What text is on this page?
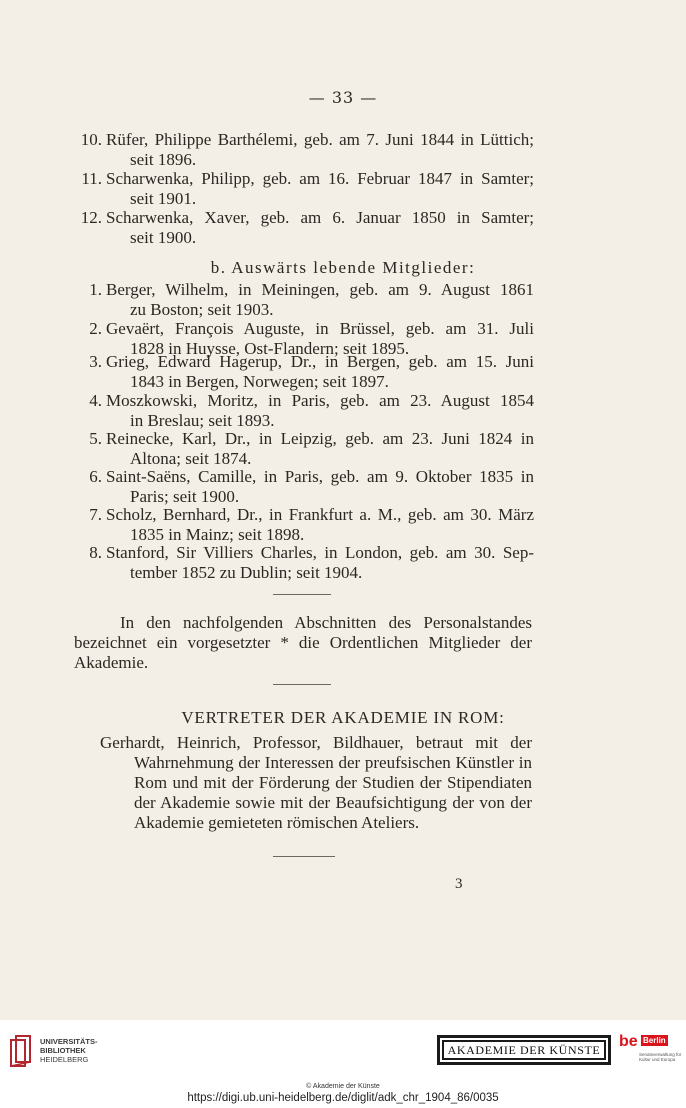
— 33 —
10. Rüfer, Philippe Barthélemi, geb. am 7. Juni 1844 in Lüttich;
seit 1896.
11. Scharwenka, Philipp, geb. am 16. Februar 1847 in Samter;
seit 1901.
12. Scharwenka, Xaver, geb. am 6. Januar 1850 in Samter;
seit 1900.
b. Auswärts lebende Mitglieder:
1. Berger, Wilhelm, in Meiningen, geb. am 9. August 1861
zu Boston; seit 1903.
2. Gevaërt, François Auguste, in Brüssel, geb. am 31. Juli
1828 in Huysse, Ost-Flandern; seit 1895.
3. Grieg, Edward Hagerup, Dr., in Bergen, geb. am 15. Juni
1843 in Bergen, Norwegen; seit 1897.
4. Moszkowski, Moritz, in Paris, geb. am 23. August 1854
in Breslau; seit 1893.
5. Reinecke, Karl, Dr., in Leipzig, geb. am 23. Juni 1824 in
Altona; seit 1874.
6. Saint-Saëns, Camille, in Paris, geb. am 9. Oktober 1835 in
Paris; seit 1900.
7. Scholz, Bernhard, Dr., in Frankfurt a. M., geb. am 30. März
1835 in Mainz; seit 1898.
8. Stanford, Sir Villiers Charles, in London, geb. am 30. Sep-
tember 1852 zu Dublin; seit 1904.
In den nachfolgenden Abschnitten des Personalstandes bezeichnet ein vorgesetzter * die Ordentlichen Mitglieder der Akademie.
VERTRETER DER AKADEMIE IN ROM:
Gerhardt, Heinrich, Professor, Bildhauer, betraut mit der
Wahrnehmung der Interessen der preufsischen Künstler in Rom und mit der Förderung der Studien der Stipendiaten der Akademie sowie mit der Beaufsichtigung der von der Akademie gemieteten römischen Ateliers.
3
UNIVERSITÄTS-
BIBLIOTHEK
HEIDELBERG
AKADEMIE DER KÜNSTE	be Berlin
Senatsverwaltung für Kultur und Europa
© Akademie der Künste
https://digi.ub.uni-heidelberg.de/diglit/adk_chr_1904_86/0035
